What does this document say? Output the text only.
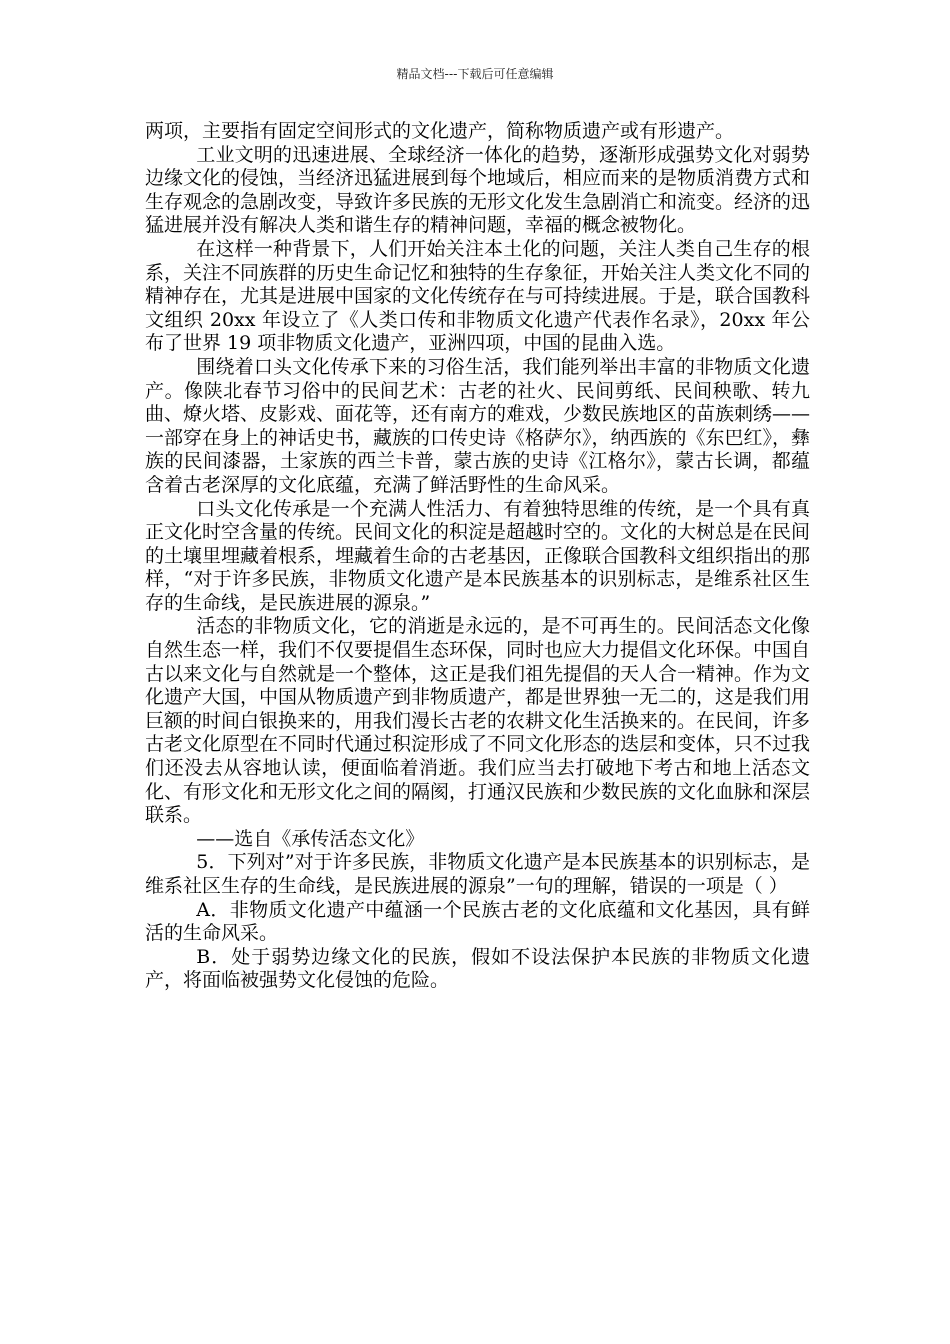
精品文档---下载后可任意编辑

两项，主要指有固定空间形式的文化遗产，简称物质遗产或有形遗产。

工业文明的迅速进展、全球经济一体化的趋势，逐渐形成强势文化对弱势边缘文化的侵蚀，当经济迅猛进展到每个地域后，相应而来的是物质消费方式和生存观念的急剧改变，导致许多民族的无形文化发生急剧消亡和流变。经济的迅猛进展并没有解决人类和谐生存的精神问题，幸福的概念被物化。

在这样一种背景下，人们开始关注本土化的问题，关注人类自己生存的根系，关注不同族群的历史生命记忆和独特的生存象征，开始关注人类文化不同的精神存在，尤其是进展中国家的文化传统存在与可持续进展。于是，联合国教科文组织 20xx 年设立了《人类口传和非物质文化遗产代表作名录》，20xx 年公布了世界 19 项非物质文化遗产，亚洲四项，中国的昆曲入选。

围绕着口头文化传承下来的习俗生活，我们能列举出丰富的非物质文化遗产。像陕北春节习俗中的民间艺术：古老的社火、民间剪纸、民间秧歌、转九曲、燎火塔、皮影戏、面花等，还有南方的难戏，少数民族地区的苗族刺绣——一部穿在身上的神话史书，藏族的口传史诗《格萨尔》，纳西族的《东巴红》，彝族的民间漆器，土家族的西兰卡普，蒙古族的史诗《江格尔》，蒙古长调，都蕴含着古老深厚的文化底蕴，充满了鲜活野性的生命风采。

口头文化传承是一个充满人性活力、有着独特思维的传统，是一个具有真正文化时空含量的传统。民间文化的积淀是超越时空的。文化的大树总是在民间的土壤里埋藏着根系，埋藏着生命的古老基因，正像联合国教科文组织指出的那样，“对于许多民族，非物质文化遗产是本民族基本的识别标志，是维系社区生存的生命线，是民族进展的源泉。”

活态的非物质文化，它的消逝是永远的，是不可再生的。民间活态文化像自然生态一样，我们不仅要提倡生态环保，同时也应大力提倡文化环保。中国自古以来文化与自然就是一个整体，这正是我们祖先提倡的天人合一精神。作为文化遗产大国，中国从物质遗产到非物质遗产，都是世界独一无二的，这是我们用巨额的时间白银换来的，用我们漫长古老的农耕文化生活换来的。在民间，许多古老文化原型在不同时代通过积淀形成了不同文化形态的迭层和变体，只不过我们还没去从容地认读，便面临着消逝。我们应当去打破地下考古和地上活态文化、有形文化和无形文化之间的隔阂，打通汉民族和少数民族的文化血脉和深层联系。

——选自《承传活态文化》

5．下列对”对于许多民族，非物质文化遗产是本民族基本的识别标志，是维系社区生存的生命线，是民族进展的源泉”一句的理解，错误的一项是（ ）

A．非物质文化遗产中蕴涵一个民族古老的文化底蕴和文化基因，具有鲜活的生命风采。

B．处于弱势边缘文化的民族，假如不设法保护本民族的非物质文化遗产，将面临被强势文化侵蚀的危险。
